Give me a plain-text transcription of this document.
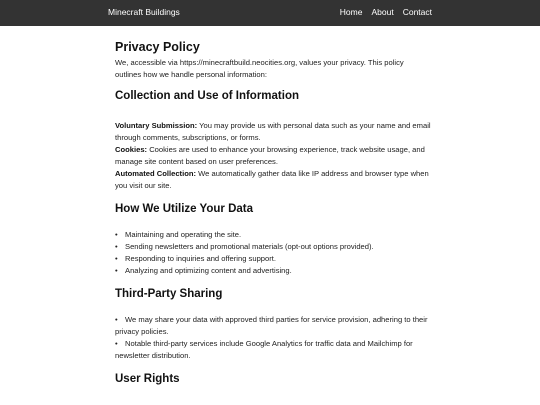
Minecraft Buildings	Home About Contact
Privacy Policy

We, accessible via https://minecraftbuild.neocities.org, values your privacy. This policy outlines how we handle personal information:

Collection and Use of Information

Voluntary Submission: You may provide us with personal data such as your name and email through comments, subscriptions, or forms.
Cookies: Cookies are used to enhance your browsing experience, track website usage, and manage site content based on user preferences.
Automated Collection: We automatically gather data like IP address and browser type when you visit our site.

How We Utilize Your Data
• Maintaining and operating the site.
• Sending newsletters and promotional materials (opt-out options provided).
• Responding to inquiries and offering support.
• Analyzing and optimizing content and advertising.
Third-Party Sharing
• We may share your data with approved third parties for service provision, adhering to their privacy policies.
• Notable third-party services include Google Analytics for traffic data and Mailchimp for newsletter distribution.
User Rights
